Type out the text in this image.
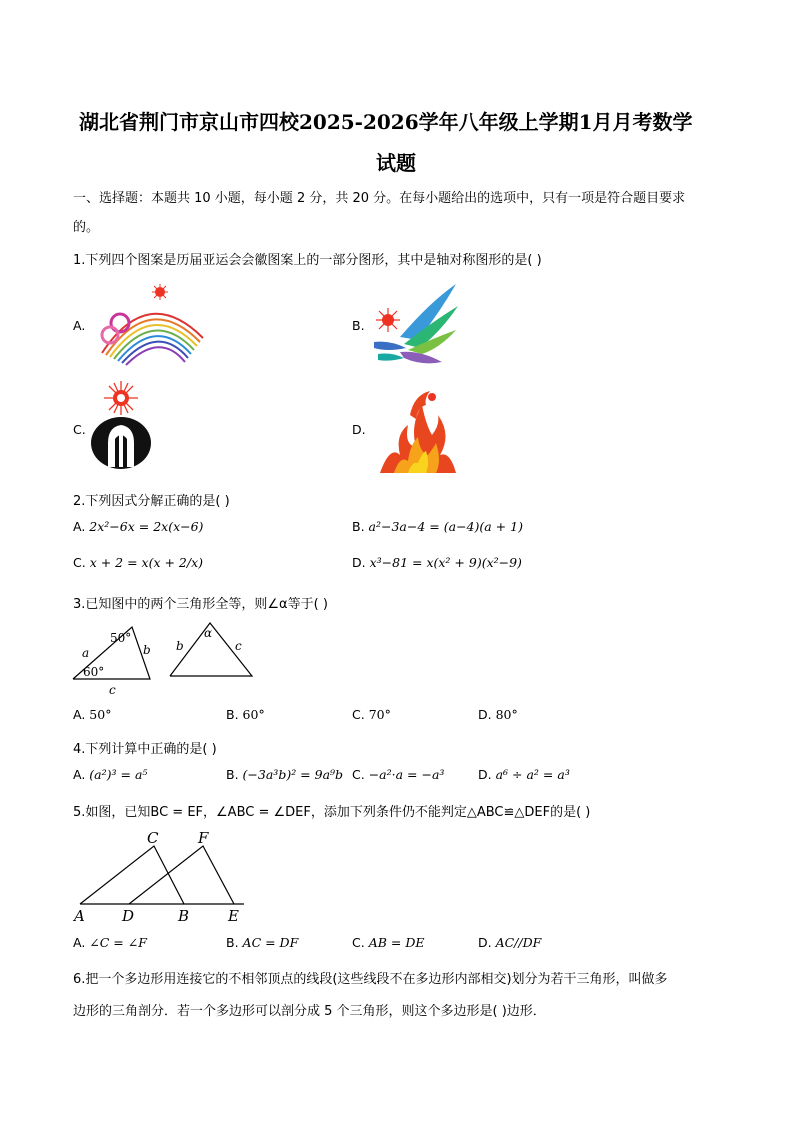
湖北省荆门市京山市四校2025-2026学年八年级上学期1月月考数学
试题
一、选择题：本题共 10 小题，每小题 2 分，共 20 分。在每小题给出的选项中，只有一项是符合题目要求
的。
1.下列四个图案是历届亚运会会徽图案上的一部分图形，其中是轴对称图形的是( )
A.	B.
C.	D.
2.下列因式分解正确的是( )
A. 2x²−6x = 2x(x−6)	B. a²−3a−4 = (a−4)(a + 1)
C. x + 2 = x(x + 2/x)	D. x³−81 = x(x² + 9)(x²−9)
3.已知图中的两个三角形全等，则∠α等于( )
50°
a	b
60°
c
α
b	c
A. 50°	B. 60°	C. 70°	D. 80°
4.下列计算中正确的是( )
A. (a²)³ = a⁵	B. (−3a³b)² = 9a⁹b C. −a²·a = −a³	D. a⁶ ÷ a² = a³
5.如图，已知BC = EF，∠ABC = ∠DEF，添加下列条件仍不能判定△ABC≌△DEF的是( )
C	F
A D	B	E
A. ∠C = ∠F	B. AC = DF	C. AB = DE	D. AC//DF
6.把一个多边形用连接它的不相邻顶点的线段(这些线段不在多边形内部相交)划分为若干三角形，叫做多
边形的三角剖分．若一个多边形可以剖分成 5 个三角形，则这个多边形是( )边形．
